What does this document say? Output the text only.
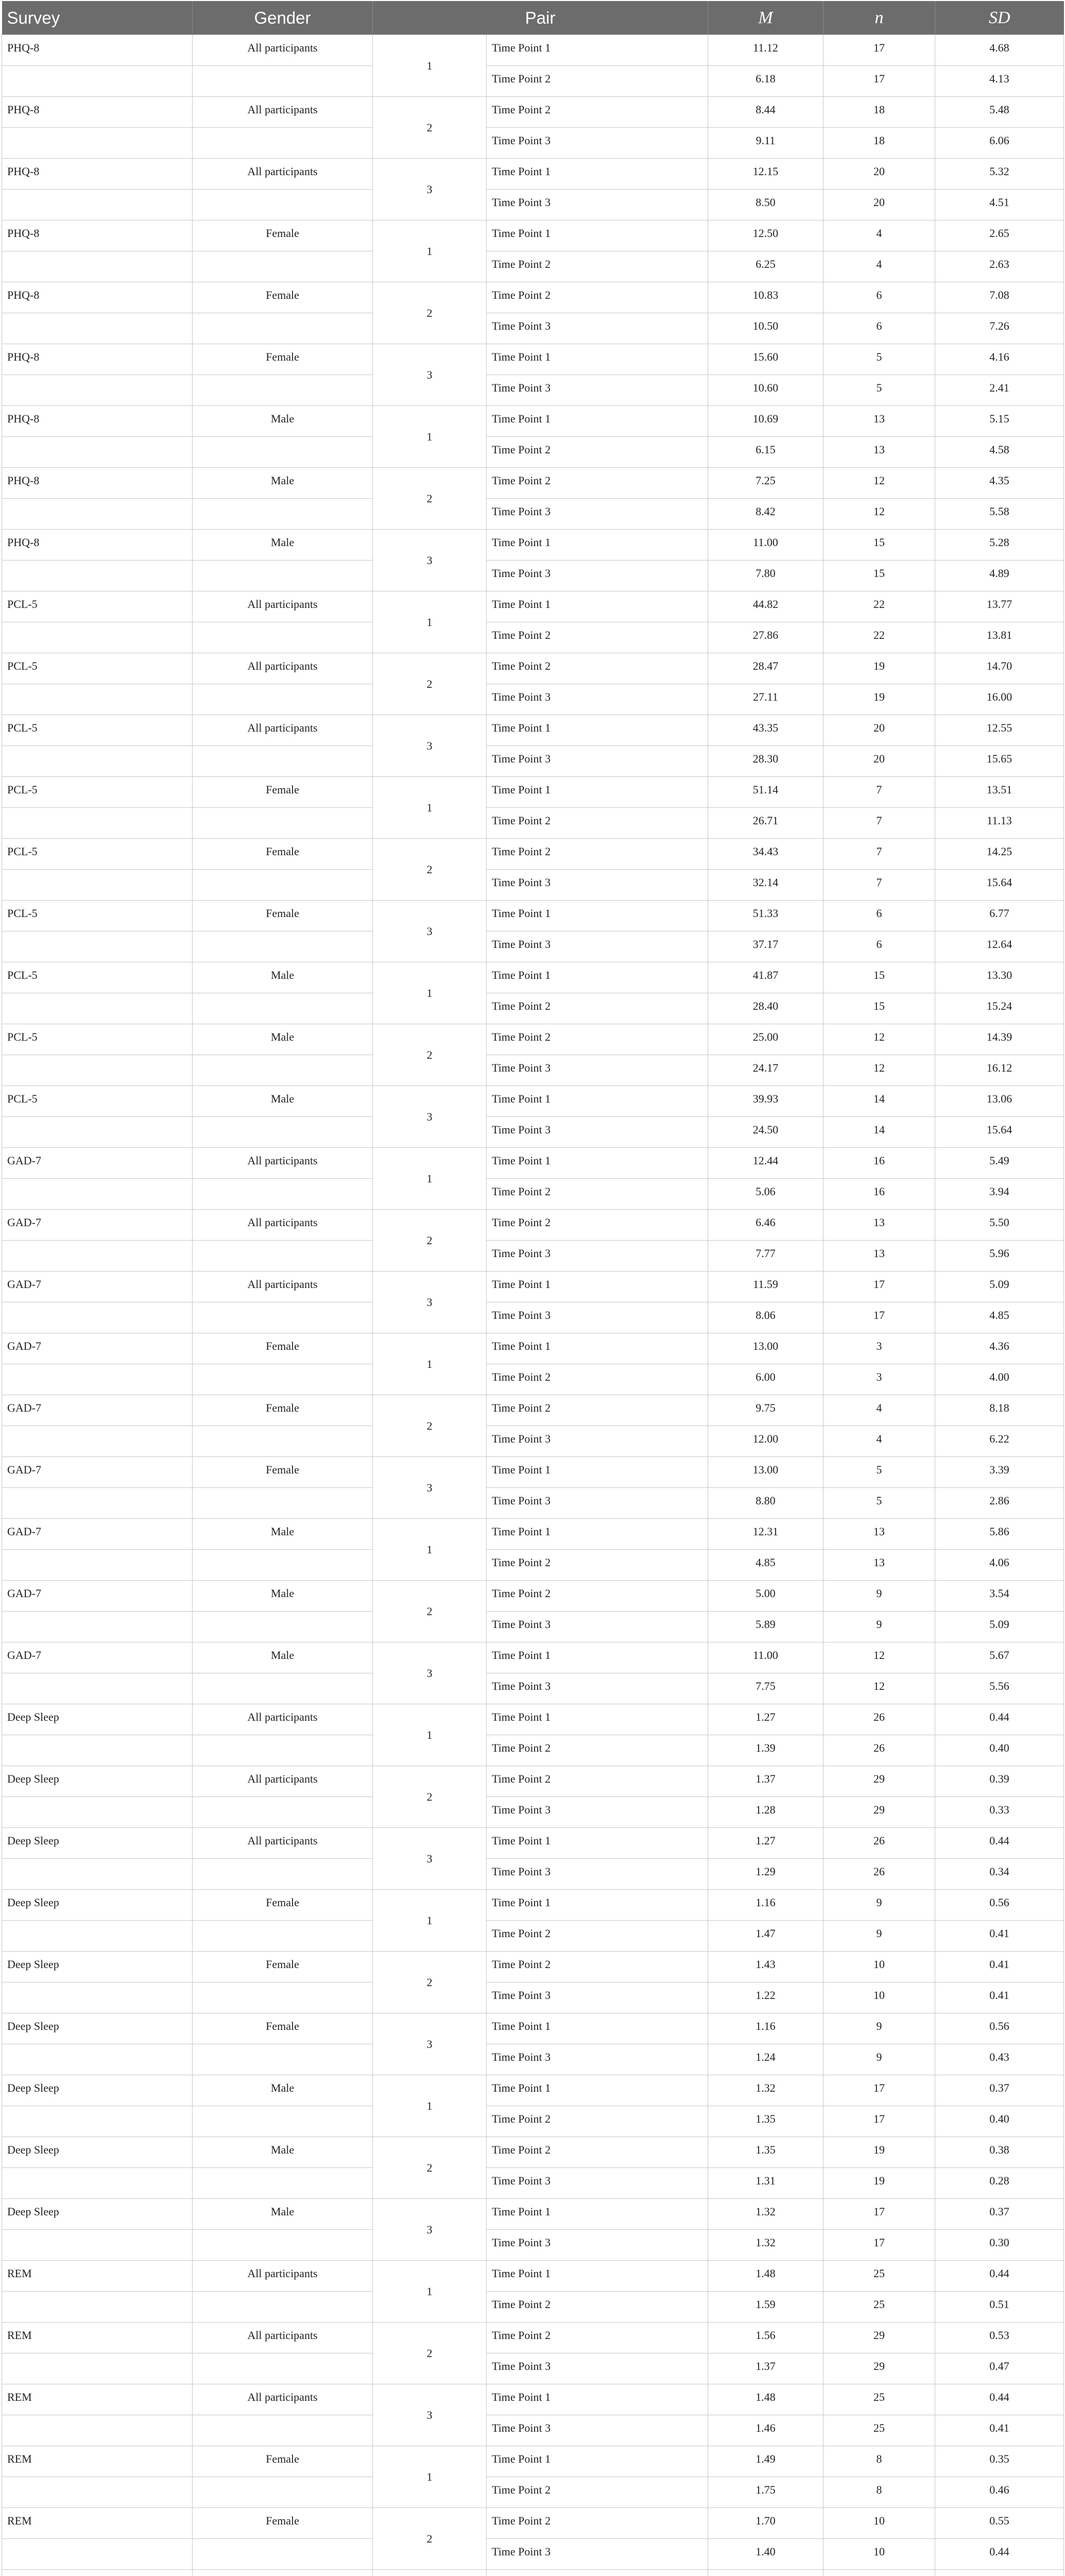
Survey	Gender	Pair		M	n	SD
PHQ-8	All participants	1	Time Point 1	11.12	17	4.68
			Time Point 2	6.18	17	4.13
PHQ-8	All participants	2	Time Point 2	8.44	18	5.48
			Time Point 3	9.11	18	6.06
PHQ-8	All participants	3	Time Point 1	12.15	20	5.32
			Time Point 3	8.50	20	4.51
PHQ-8	Female	1	Time Point 1	12.50	4	2.65
			Time Point 2	6.25	4	2.63
PHQ-8	Female	2	Time Point 2	10.83	6	7.08
			Time Point 3	10.50	6	7.26
PHQ-8	Female	3	Time Point 1	15.60	5	4.16
			Time Point 3	10.60	5	2.41
PHQ-8	Male	1	Time Point 1	10.69	13	5.15
			Time Point 2	6.15	13	4.58
PHQ-8	Male	2	Time Point 2	7.25	12	4.35
			Time Point 3	8.42	12	5.58
PHQ-8	Male	3	Time Point 1	11.00	15	5.28
			Time Point 3	7.80	15	4.89
PCL-5	All participants	1	Time Point 1	44.82	22	13.77
			Time Point 2	27.86	22	13.81
PCL-5	All participants	2	Time Point 2	28.47	19	14.70
			Time Point 3	27.11	19	16.00
PCL-5	All participants	3	Time Point 1	43.35	20	12.55
			Time Point 3	28.30	20	15.65
PCL-5	Female	1	Time Point 1	51.14	7	13.51
			Time Point 2	26.71	7	11.13
PCL-5	Female	2	Time Point 2	34.43	7	14.25
			Time Point 3	32.14	7	15.64
PCL-5	Female	3	Time Point 1	51.33	6	6.77
			Time Point 3	37.17	6	12.64
PCL-5	Male	1	Time Point 1	41.87	15	13.30
			Time Point 2	28.40	15	15.24
PCL-5	Male	2	Time Point 2	25.00	12	14.39
			Time Point 3	24.17	12	16.12
PCL-5	Male	3	Time Point 1	39.93	14	13.06
			Time Point 3	24.50	14	15.64
GAD-7	All participants	1	Time Point 1	12.44	16	5.49
			Time Point 2	5.06	16	3.94
GAD-7	All participants	2	Time Point 2	6.46	13	5.50
			Time Point 3	7.77	13	5.96
GAD-7	All participants	3	Time Point 1	11.59	17	5.09
			Time Point 3	8.06	17	4.85
GAD-7	Female	1	Time Point 1	13.00	3	4.36
			Time Point 2	6.00	3	4.00
GAD-7	Female	2	Time Point 2	9.75	4	8.18
			Time Point 3	12.00	4	6.22
GAD-7	Female	3	Time Point 1	13.00	5	3.39
			Time Point 3	8.80	5	2.86
GAD-7	Male	1	Time Point 1	12.31	13	5.86
			Time Point 2	4.85	13	4.06
GAD-7	Male	2	Time Point 2	5.00	9	3.54
			Time Point 3	5.89	9	5.09
GAD-7	Male	3	Time Point 1	11.00	12	5.67
			Time Point 3	7.75	12	5.56
Deep Sleep	All participants	1	Time Point 1	1.27	26	0.44
			Time Point 2	1.39	26	0.40
Deep Sleep	All participants	2	Time Point 2	1.37	29	0.39
			Time Point 3	1.28	29	0.33
Deep Sleep	All participants	3	Time Point 1	1.27	26	0.44
			Time Point 3	1.29	26	0.34
Deep Sleep	Female	1	Time Point 1	1.16	9	0.56
			Time Point 2	1.47	9	0.41
Deep Sleep	Female	2	Time Point 2	1.43	10	0.41
			Time Point 3	1.22	10	0.41
Deep Sleep	Female	3	Time Point 1	1.16	9	0.56
			Time Point 3	1.24	9	0.43
Deep Sleep	Male	1	Time Point 1	1.32	17	0.37
			Time Point 2	1.35	17	0.40
Deep Sleep	Male	2	Time Point 2	1.35	19	0.38
			Time Point 3	1.31	19	0.28
Deep Sleep	Male	3	Time Point 1	1.32	17	0.37
			Time Point 3	1.32	17	0.30
REM	All participants	1	Time Point 1	1.48	25	0.44
			Time Point 2	1.59	25	0.51
REM	All participants	2	Time Point 2	1.56	29	0.53
			Time Point 3	1.37	29	0.47
REM	All participants	3	Time Point 1	1.48	25	0.44
			Time Point 3	1.46	25	0.41
REM	Female	1	Time Point 1	1.49	8	0.35
			Time Point 2	1.75	8	0.46
REM	Female	2	Time Point 2	1.70	10	0.55
			Time Point 3	1.40	10	0.44
